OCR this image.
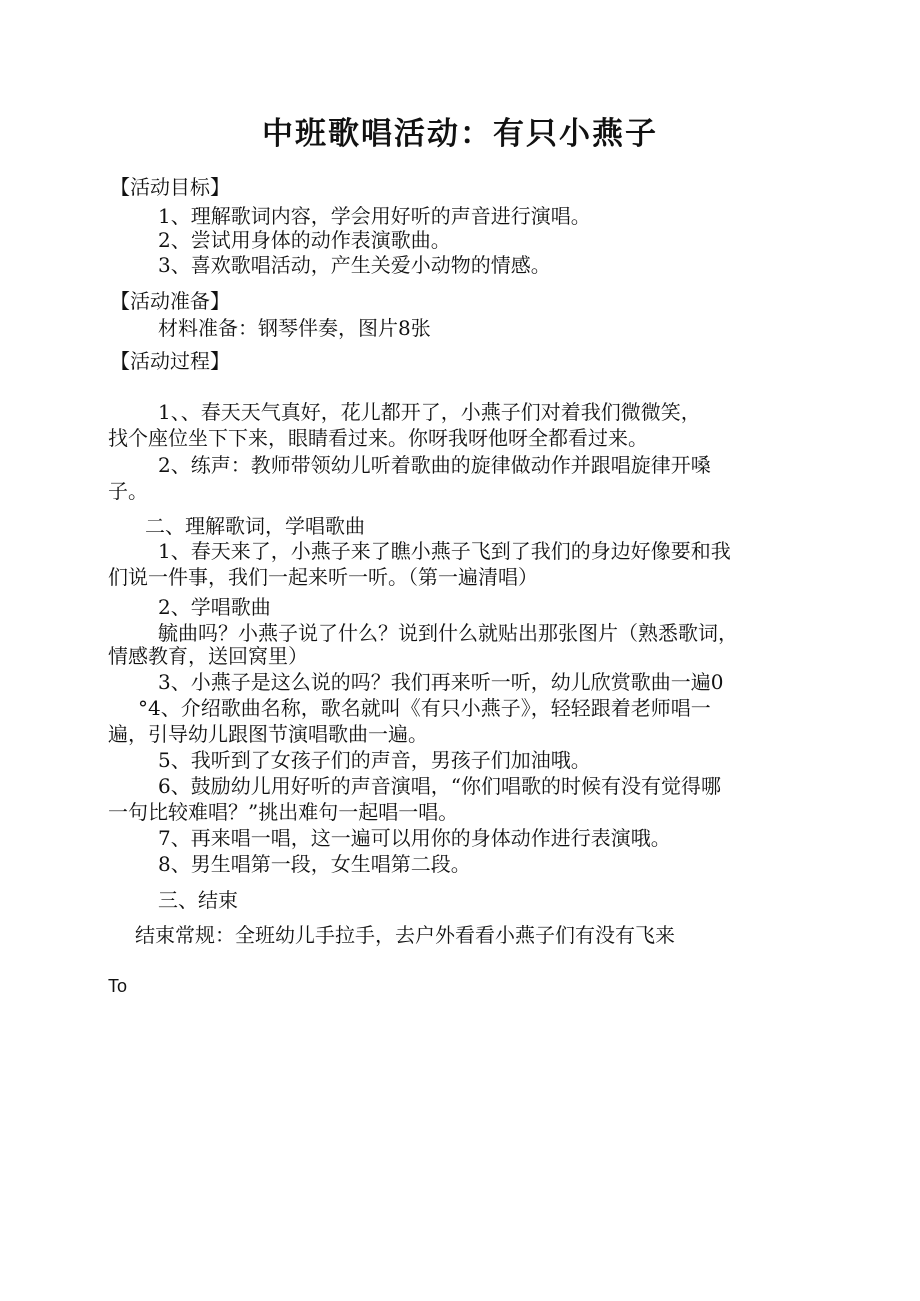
中班歌唱活动：有只小燕子
【活动目标】
1、理解歌词内容，学会用好听的声音进行演唱。
2、尝试用身体的动作表演歌曲。
3、喜欢歌唱活动，产生关爱小动物的情感。
【活动准备】
材料准备：钢琴伴奏，图片8张
【活动过程】
1、、春天天气真好，花儿都开了，小燕子们对着我们微微笑，
找个座位坐下下来，眼睛看过来。你呀我呀他呀全都看过来。
2、练声：教师带领幼儿听着歌曲的旋律做动作并跟唱旋律开嗓
子。
二、理解歌词，学唱歌曲
1、春天来了，小燕子来了瞧小燕子飞到了我们的身边好像要和我
们说一件事，我们一起来听一听。（第一遍清唱）
2、学唱歌曲
毓曲吗？小燕子说了什么？说到什么就贴出那张图片（熟悉歌词，
情感教育，送回窝里）
3、小燕子是这么说的吗？我们再来听一听，幼儿欣赏歌曲一遍0
°4、介绍歌曲名称，歌名就叫《有只小燕子》，轻轻跟着老师唱一
遍，引导幼儿跟图节演唱歌曲一遍。
5、我听到了女孩子们的声音，男孩子们加油哦。
6、鼓励幼儿用好听的声音演唱，“你们唱歌的时候有没有觉得哪
一句比较难唱？”挑出难句一起唱一唱。
7、再来唱一唱，这一遍可以用你的身体动作进行表演哦。
8、男生唱第一段，女生唱第二段。
三、结束
结束常规：全班幼儿手拉手，去户外看看小燕子们有没有飞来
To
